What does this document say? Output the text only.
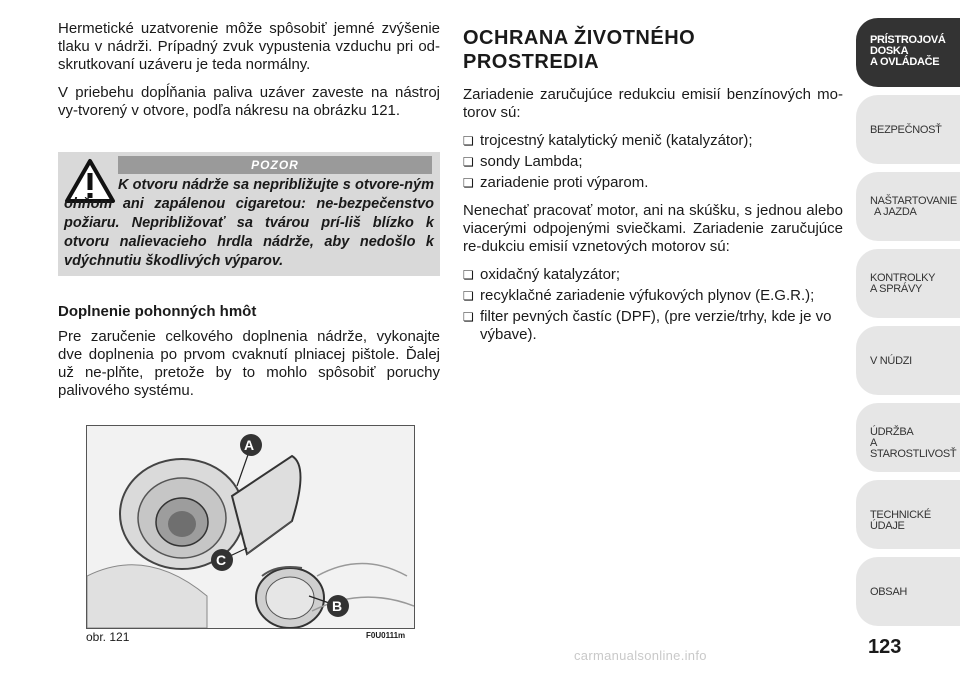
Hermetické uzatvorenie môže spôsobiť jemné zvýšenie tlaku v nádrži. Prípadný zvuk vypustenia vzduchu pri od-skrutkovaní uzáveru je teda normálny.

V priebehu dopĺňania paliva uzáver zaveste na nástroj vy-tvorený v otvore, podľa nákresu na obrázku 121.

POZOR
K otvoru nádrže sa nepribližujte s otvore-ným ohňom ani zapálenou cigaretou: ne-bezpečenstvo požiaru. Nepribližovať sa tvárou prí-liš blízko k otvoru nalievacieho hrdla nádrže, aby nedošlo k vdýchnutiu škodlivých výparov.
Doplnenie pohonných hmôt

Pre zaručenie celkového doplnenia nádrže, vykonajte dve doplnenia po prvom cvaknutí plniacej pištole. Ďalej už ne-plňte, pretože by to mohlo spôsobiť poruchy palivového systému.

A
B
C
obr. 121	F0U0111m
OCHRANA ŽIVOTNÉHO
PROSTREDIA

Zariadenie zaručujúce redukciu emisií benzínových mo-torov sú:

❏ trojcestný katalytický menič (katalyzátor);
❏ sondy Lambda;
❏ zariadenie proti výparom.

Nenechať pracovať motor, ani na skúšku, s jednou alebo viacerými odpojenými sviečkami. Zariadenie zaručujúce re-dukciu emisií vznetových motorov sú:

❏ oxidačný katalyzátor;
❏ recyklačné zariadenie výfukových plynov (E.G.R.);
❏ filter pevných častíc (DPF), (pre verzie/trhy, kde je vo výbave).
PRÍSTROJOVÁ
DOSKA
A OVLÁDAČE
BEZPEČNOSŤ
NAŠTARTOVANIE
A JAZDA
KONTROLKY
A SPRÁVY
V NÚDZI
ÚDRŽBA
A STAROSTLIVOSŤ
TECHNICKÉ ÚDAJE
OBSAH
123
carmanualsonline.info
